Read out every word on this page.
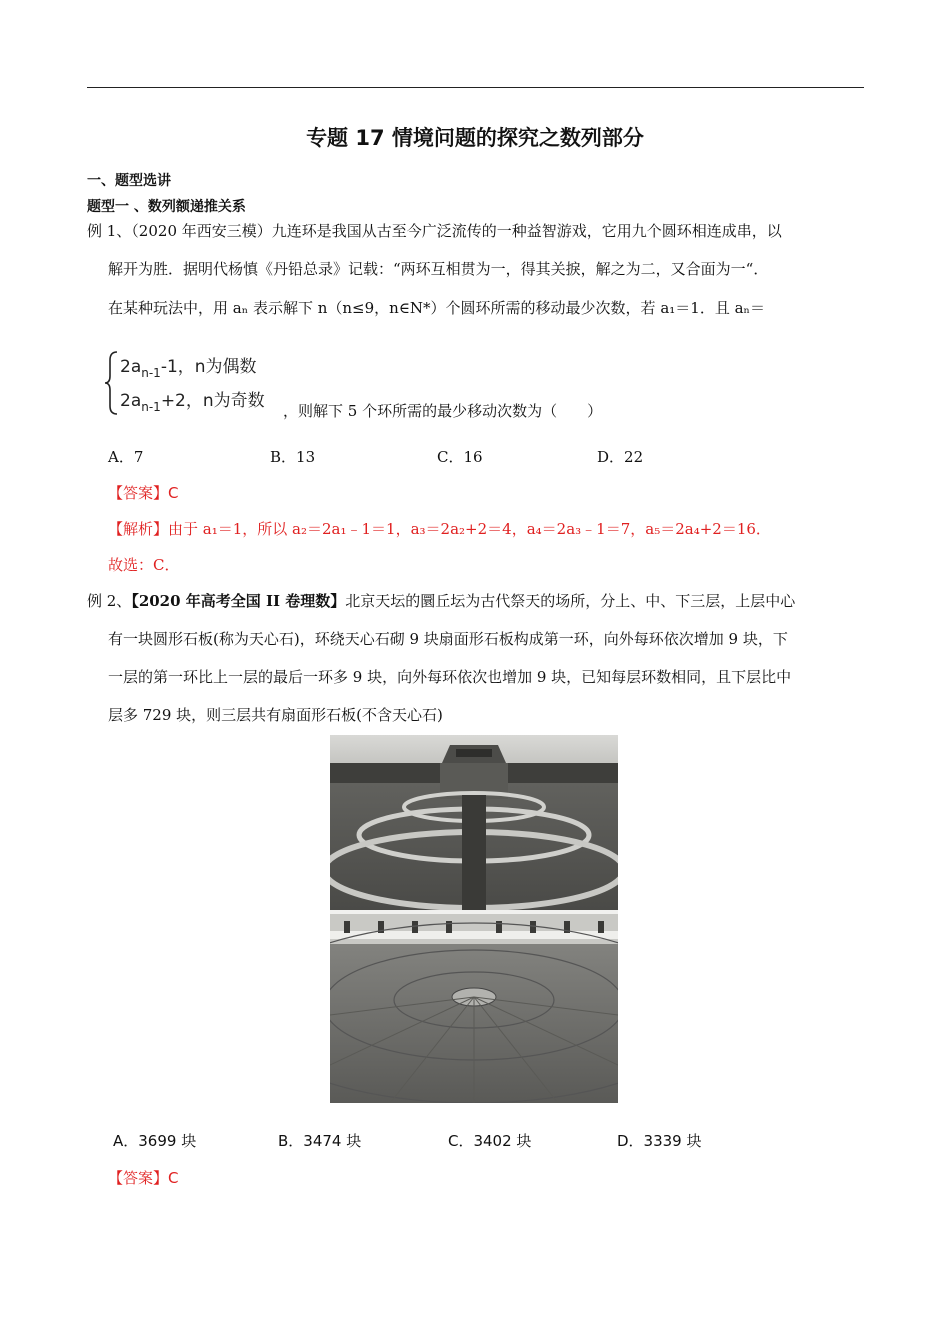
专题 17 情境问题的探究之数列部分
一、题型选讲
题型一 、数列额递推关系
例 1、（2020 年西安三模）九连环是我国从古至今广泛流传的一种益智游戏，它用九个圆环相连成串，以
解开为胜．据明代杨慎《丹铅总录》记载：“两环互相贯为一，得其关捩，解之为二，又合面为一“．
在某种玩法中，用 aₙ 表示解下 n（n≤9，n∈N*）个圆环所需的移动最少次数，若 a₁＝1．且 aₙ＝
$2a_{n-1}-1$，n为偶数
$2a_{n-1}+2$，n为奇数 ，则解下 5 个环所需的最少移动次数为（　　）
A．7	B．13	C．16	D．22
【答案】C
【解析】由于 a₁＝1，所以 a₂＝2a₁﹣1＝1，a₃＝2a₂+2＝4，a₄＝2a₃﹣1＝7，a₅＝2a₄+2＝16．
故选：C．
例 2、【2020 年高考全国 II 卷理数】北京天坛的圜丘坛为古代祭天的场所，分上、中、下三层，上层中心
有一块圆形石板(称为天心石)，环绕天心石砌 9 块扇面形石板构成第一环，向外每环依次增加 9 块，下
一层的第一环比上一层的最后一环多 9 块，向外每环依次也增加 9 块，已知每层环数相同，且下层比中
层多 729 块，则三层共有扇面形石板(不含天心石)
A．3699 块	B．3474 块	C．3402 块	D．3339 块
【答案】C
